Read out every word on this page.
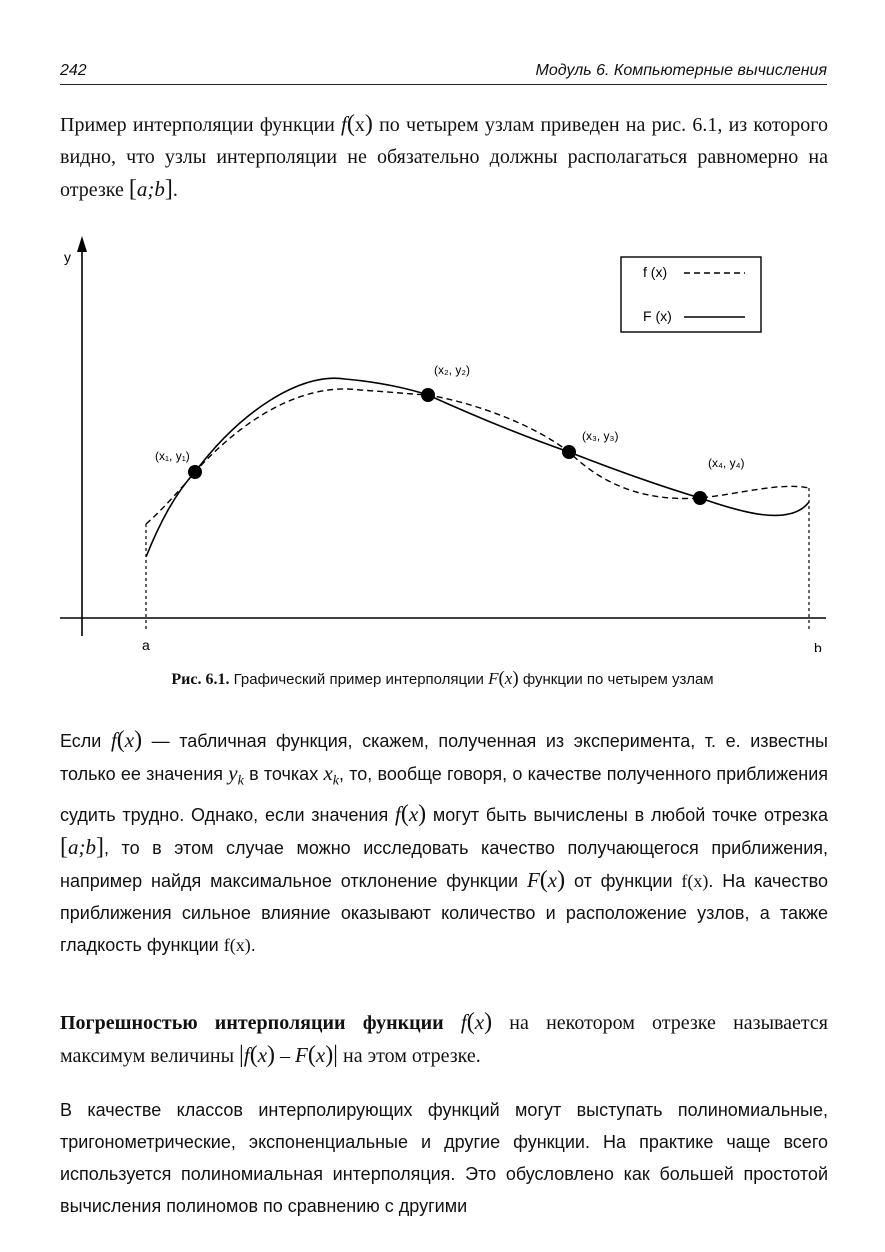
242	Модуль 6. Компьютерные вычисления

Пример интерполяции функции f(x) по четырем узлам приведен на рис. 6.1, из которого видно, что узлы интерполяции не обязательно должны располагаться равномерно на отрезке [a;b].

y
a	b
f (x)
F (x)
(x₁, y₁)
(x₂, y₂)
(x₃, y₃)
(x₄, y₄)
Рис. 6.1. Графический пример интерполяции F(x) функции по четырем узлам

Если f(x) — табличная функция, скажем, полученная из эксперимента, т. е. известны только ее значения $y_k$ в точках $x_k$, то, вообще говоря, о качестве полученного приближения судить трудно. Однако, если значения f(x) могут быть вычислены в любой точке отрезка [a;b], то в этом случае можно исследовать качество получающегося приближения, например найдя максимальное отклонение функции F(x) от функции f(x). На качество приближения сильное влияние оказывают количество и расположение узлов, а также гладкость функции f(x).

Погрешностью интерполяции функции f(x) на некотором отрезке называется максимум величины |f(x) – F(x)| на этом отрезке.

В качестве классов интерполирующих функций могут выступать полиномиальные, тригонометрические, экспоненциальные и другие функции. На практике чаще всего используется полиномиальная интерполяция. Это обусловлено как большей простотой вычисления полиномов по сравнению с другими
